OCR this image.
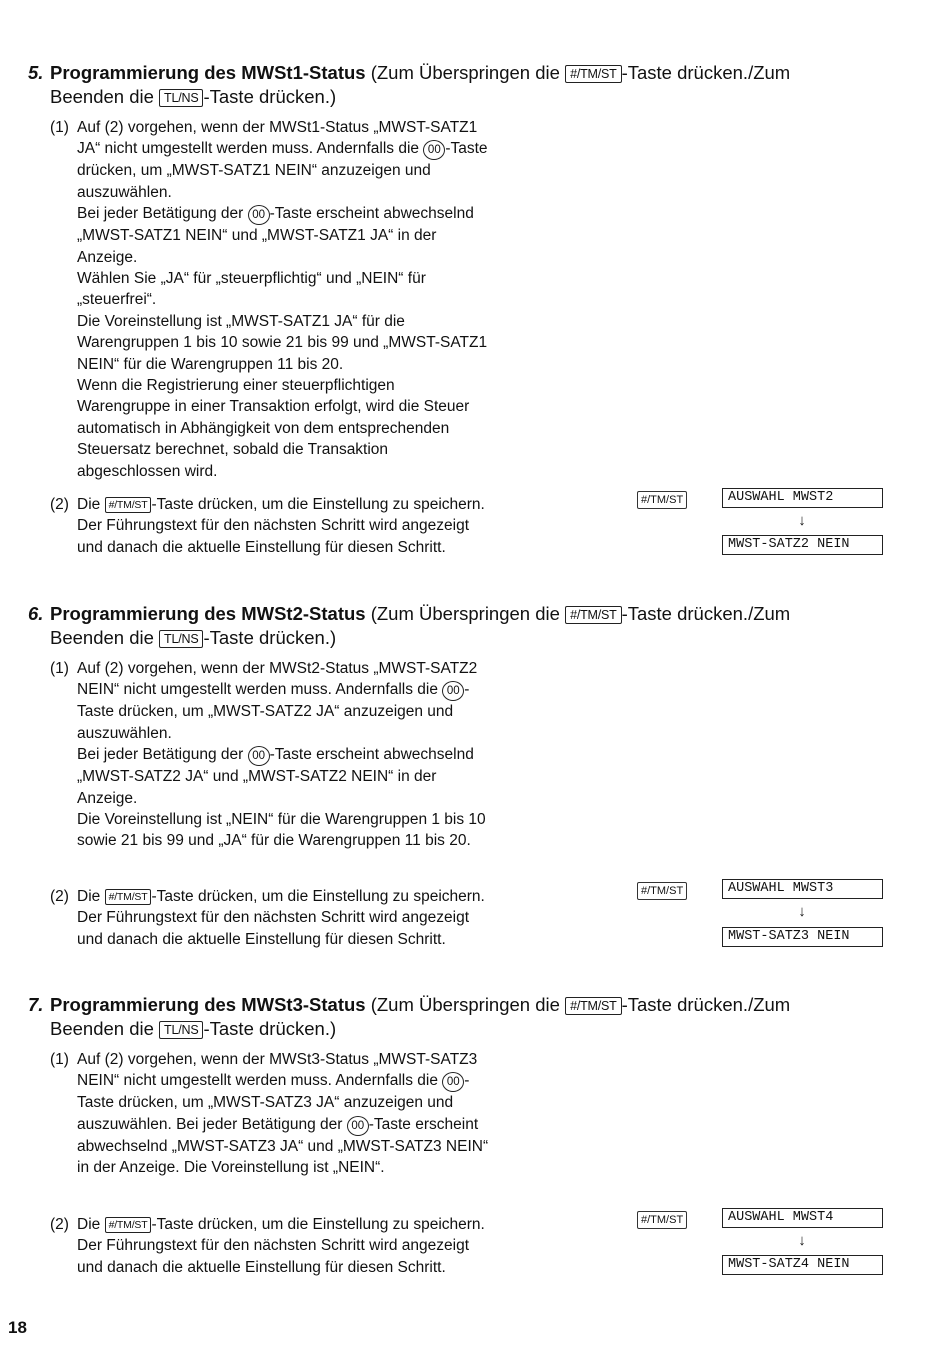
5. Programmierung des MWSt1-Status (Zum Überspringen die #/TM/ST -Taste drücken./Zum
Beenden die TL/NS -Taste drücken.)
(1) Auf (2) vorgehen, wenn der MWSt1-Status „MWST-SATZ1 JA“ nicht umgestellt werden muss. Andernfalls die 00 -Taste drücken, um „MWST-SATZ1 NEIN“ anzuzeigen und auszuwählen.

Bei jeder Betätigung der 00 -Taste erscheint abwechselnd „MWST-SATZ1 NEIN“ und „MWST-SATZ1 JA“ in der Anzeige.

Wählen Sie „JA“ für „steuerpflichtig“ und „NEIN“ für „steuerfrei“.

Die Voreinstellung ist „MWST-SATZ1 JA“ für die Warengruppen 1 bis 10 sowie 21 bis 99 und „MWST-SATZ1 NEIN“ für die Warengruppen 11 bis 20.

Wenn die Registrierung einer steuerpflichtigen Warengruppe in einer Transaktion erfolgt, wird die Steuer automatisch in Abhängigkeit von dem entsprechenden Steuersatz berechnet, sobald die Transaktion abgeschlossen wird.

(2) Die #/TM/ST -Taste drücken, um die Einstellung zu speichern. Der Führungstext für den nächsten Schritt wird angezeigt und danach die aktuelle Einstellung für diesen Schritt.

#/TM/ST	AUSWAHL MWST2
↓
MWST-SATZ2 NEIN
6. Programmierung des MWSt2-Status (Zum Überspringen die #/TM/ST -Taste drücken./Zum
Beenden die TL/NS -Taste drücken.)
(1) Auf (2) vorgehen, wenn der MWSt2-Status „MWST-SATZ2 NEIN“ nicht umgestellt werden muss. Andernfalls die 00 -Taste drücken, um „MWST-SATZ2 JA“ anzuzeigen und auszuwählen.

Bei jeder Betätigung der 00 -Taste erscheint abwechselnd „MWST-SATZ2 JA“ und „MWST-SATZ2 NEIN“ in der Anzeige.

Die Voreinstellung ist „NEIN“ für die Warengruppen 1 bis 10 sowie 21 bis 99 und „JA“ für die Warengruppen 11 bis 20.

(2) Die #/TM/ST -Taste drücken, um die Einstellung zu speichern. Der Führungstext für den nächsten Schritt wird angezeigt und danach die aktuelle Einstellung für diesen Schritt.

#/TM/ST	AUSWAHL MWST3
↓
MWST-SATZ3 NEIN
7. Programmierung des MWSt3-Status (Zum Überspringen die #/TM/ST -Taste drücken./Zum
Beenden die TL/NS -Taste drücken.)
(1) Auf (2) vorgehen, wenn der MWSt3-Status „MWST-SATZ3 NEIN“ nicht umgestellt werden muss. Andernfalls die 00 -Taste drücken, um „MWST-SATZ3 JA“ anzuzeigen und auszuwählen. Bei jeder Betätigung der 00 -Taste erscheint abwechselnd „MWST-SATZ3 JA“ und „MWST-SATZ3 NEIN“ in der Anzeige. Die Voreinstellung ist „NEIN“.

(2) Die #/TM/ST -Taste drücken, um die Einstellung zu speichern. Der Führungstext für den nächsten Schritt wird angezeigt und danach die aktuelle Einstellung für diesen Schritt.

#/TM/ST	AUSWAHL MWST4
↓
MWST-SATZ4 NEIN
18
